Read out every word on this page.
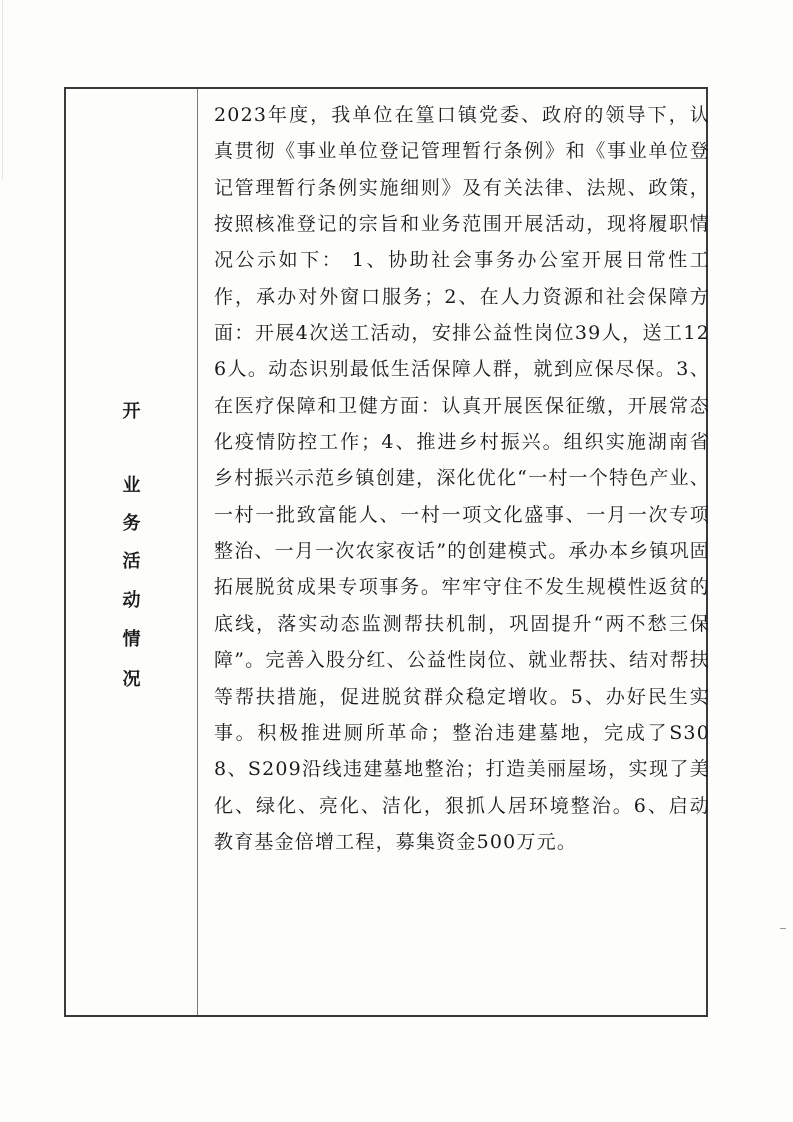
开
业
务
活
动
情
况

2023年度，我单位在篁口镇党委、政府的领导下，认真贯彻《事业单位登记管理暂行条例》和《事业单位登记管理暂行条例实施细则》及有关法律、法规、政策，按照核准登记的宗旨和业务范围开展活动，现将履职情况公示如下： 1、协助社会事务办公室开展日常性工作，承办对外窗口服务；2、在人力资源和社会保障方面：开展4次送工活动，安排公益性岗位39人，送工126人。动态识别最低生活保障人群，就到应保尽保。3、在医疗保障和卫健方面：认真开展医保征缴，开展常态化疫情防控工作；4、推进乡村振兴。组织实施湖南省乡村振兴示范乡镇创建，深化优化“一村一个特色产业、一村一批致富能人、一村一项文化盛事、一月一次专项整治、一月一次农家夜话”的创建模式。承办本乡镇巩固拓展脱贫成果专项事务。牢牢守住不发生规模性返贫的底线，落实动态监测帮扶机制，巩固提升“两不愁三保障”。完善入股分红、公益性岗位、就业帮扶、结对帮扶等帮扶措施，促进脱贫群众稳定增收。5、办好民生实事。积极推进厕所革命；整治违建墓地，完成了S308、S209沿线违建墓地整治；打造美丽屋场，实现了美化、绿化、亮化、洁化，狠抓人居环境整治。6、启动教育基金倍增工程，募集资金500万元。
